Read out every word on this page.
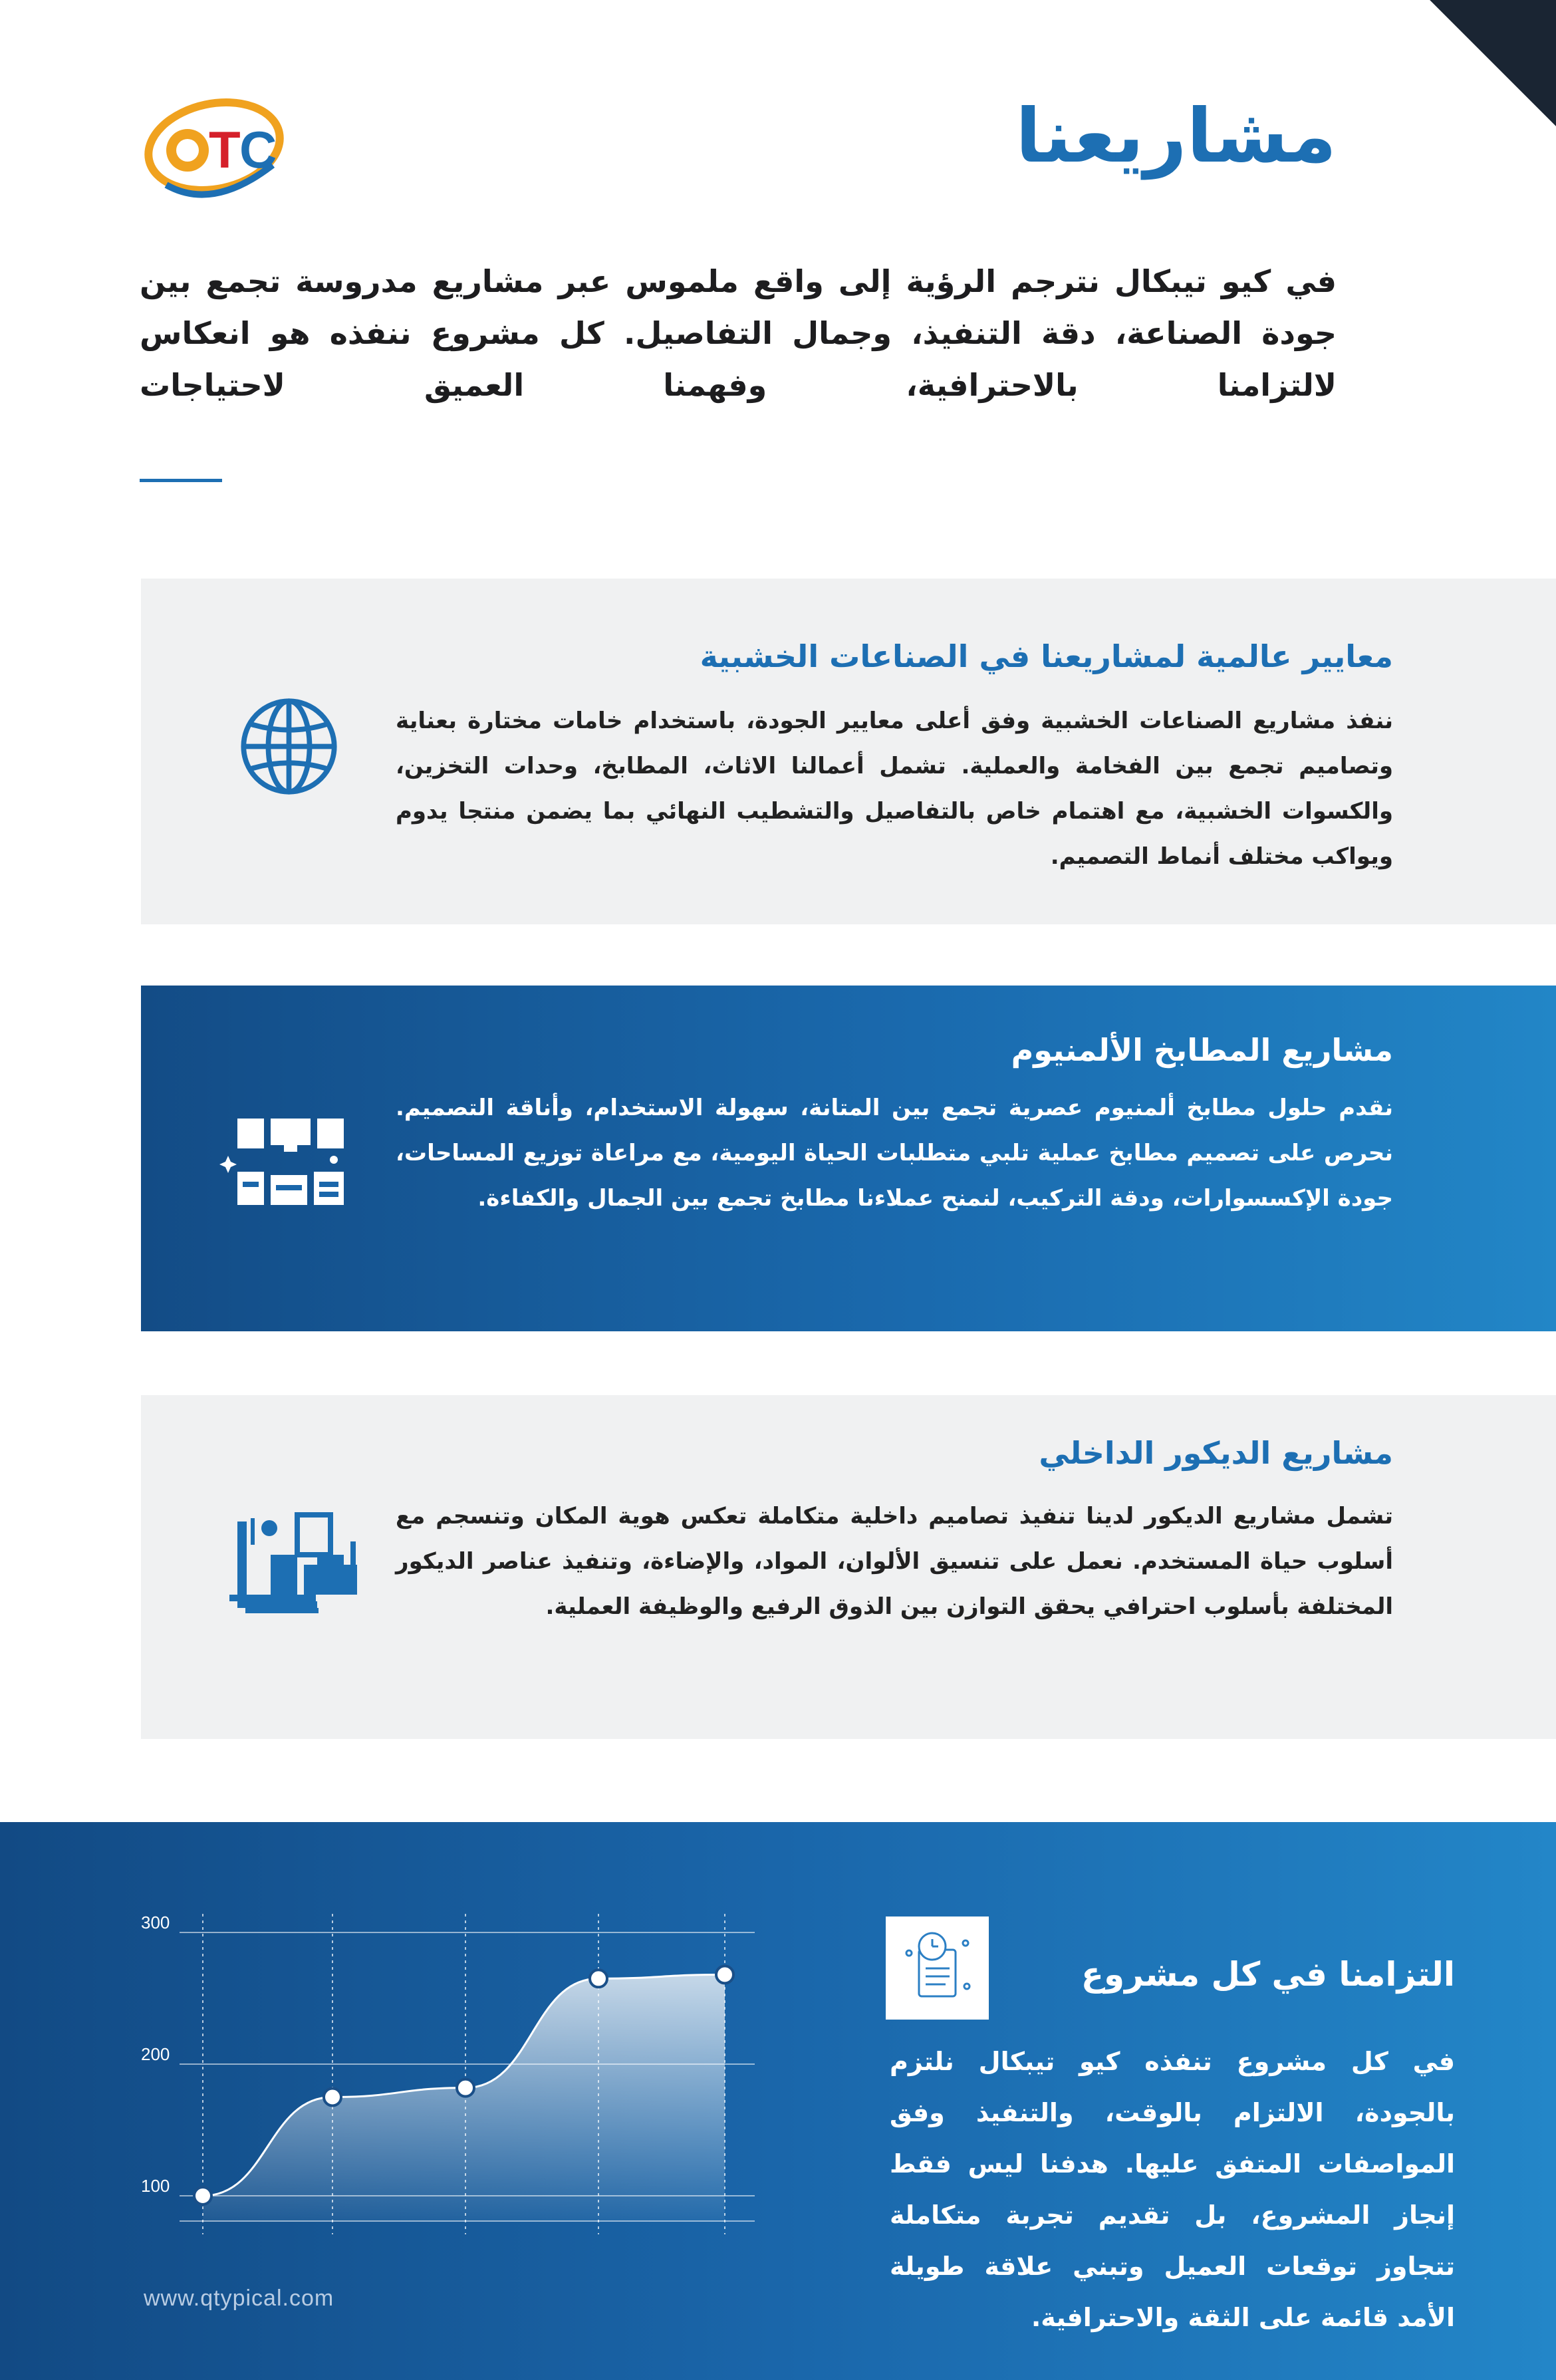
T
C	مشاريعنا
في كيو تيبكال نترجم الرؤية إلى واقع ملموس عبر مشاريع مدروسة تجمع بين جودة الصناعة، دقة التنفيذ، وجمال التفاصيل. كل مشروع ننفذه هو انعكاس لالتزامنا بالاحترافية، وفهمنا العميق لاحتياجات
معايير عالمية لمشاريعنا في الصناعات الخشبية
ننفذ مشاريع الصناعات الخشبية وفق أعلى معايير الجودة، باستخدام خامات مختارة بعناية وتصاميم تجمع بين الفخامة والعملية. تشمل أعمالنا الاثاث، المطابخ، وحدات التخزين، والكسوات الخشبية، مع اهتمام خاص بالتفاصيل والتشطيب النهائي بما يضمن منتجا يدوم ويواكب مختلف أنماط التصميم.
مشاريع المطابخ الألمنيوم
نقدم حلول مطابخ ألمنيوم عصرية تجمع بين المتانة، سهولة الاستخدام، وأناقة التصميم. نحرص على تصميم مطابخ عملية تلبي متطلبات الحياة اليومية، مع مراعاة توزيع المساحات، جودة الإكسسوارات، ودقة التركيب، لنمنح عملاءنا مطابخ تجمع بين الجمال والكفاءة.
مشاريع الديكور الداخلي
تشمل مشاريع الديكور لدينا تنفيذ تصاميم داخلية متكاملة تعكس هوية المكان وتنسجم مع أسلوب حياة المستخدم. نعمل على تنسيق الألوان، المواد، والإضاءة، وتنفيذ عناصر الديكور المختلفة بأسلوب احترافي يحقق التوازن بين الذوق الرفيع والوظيفة العملية.
التزامنا في كل مشروع
في كل مشروع تنفذه كيو تيبكال نلتزم بالجودة، الالتزام بالوقت، والتنفيذ وفق المواصفات المتفق عليها. هدفنا ليس فقط إنجاز المشروع، بل تقديم تجربة متكاملة تتجاوز توقعات العميل وتبني علاقة طويلة الأمد قائمة على الثقة والاحترافية.
100
200
300
www.qtypical.com
